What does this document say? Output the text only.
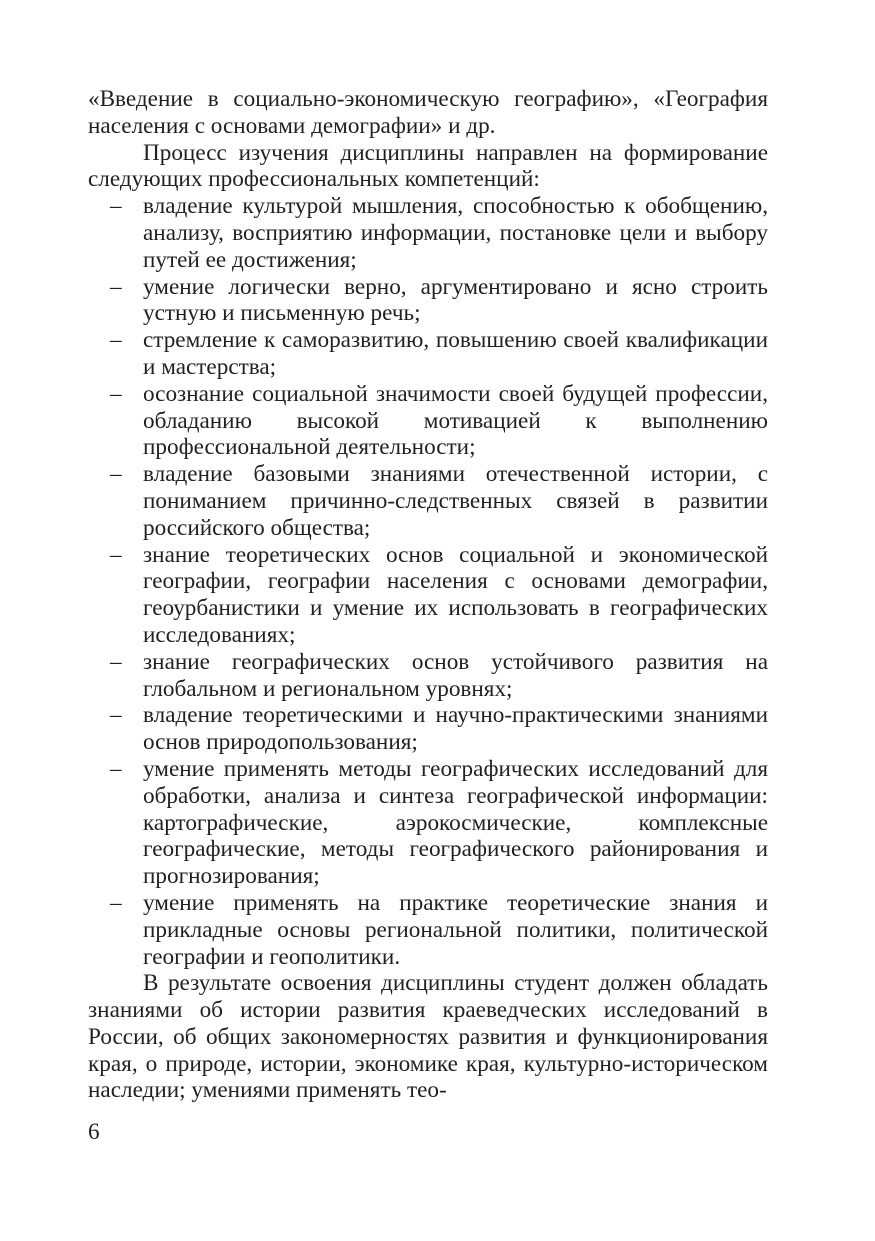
«Введение в социально-экономическую географию», «География населения с основами демографии» и др.

Процесс изучения дисциплины направлен на формирование следующих профессиональных компетенций:

– владение культурой мышления, способностью к обобщению, анализу, восприятию информации, постановке цели и выбору путей ее достижения;
– умение логически верно, аргументировано и ясно строить устную и письменную речь;
– стремление к саморазвитию, повышению своей квалификации и мастерства;
– осознание социальной значимости своей будущей профессии, обладанию высокой мотивацией к выполнению профессиональной деятельности;
– владение базовыми знаниями отечественной истории, с пониманием причинно-следственных связей в развитии российского общества;
– знание теоретических основ социальной и экономической географии, географии населения с основами демографии, геоурбанистики и умение их использовать в географических исследованиях;
– знание географических основ устойчивого развития на глобальном и региональном уровнях;
– владение теоретическими и научно-практическими знаниями основ природопользования;
– умение применять методы географических исследований для обработки, анализа и синтеза географической информации: картографические, аэрокосмические, комплексные географические, методы географического районирования и прогнозирования;
– умение применять на практике теоретические знания и прикладные основы региональной политики, политической географии и геополитики.

В результате освоения дисциплины студент должен обладать знаниями об истории развития краеведческих исследований в России, об общих закономерностях развития и функционирования края, о природе, истории, экономике края, культурно-историческом наследии; умениями применять тео-

6
